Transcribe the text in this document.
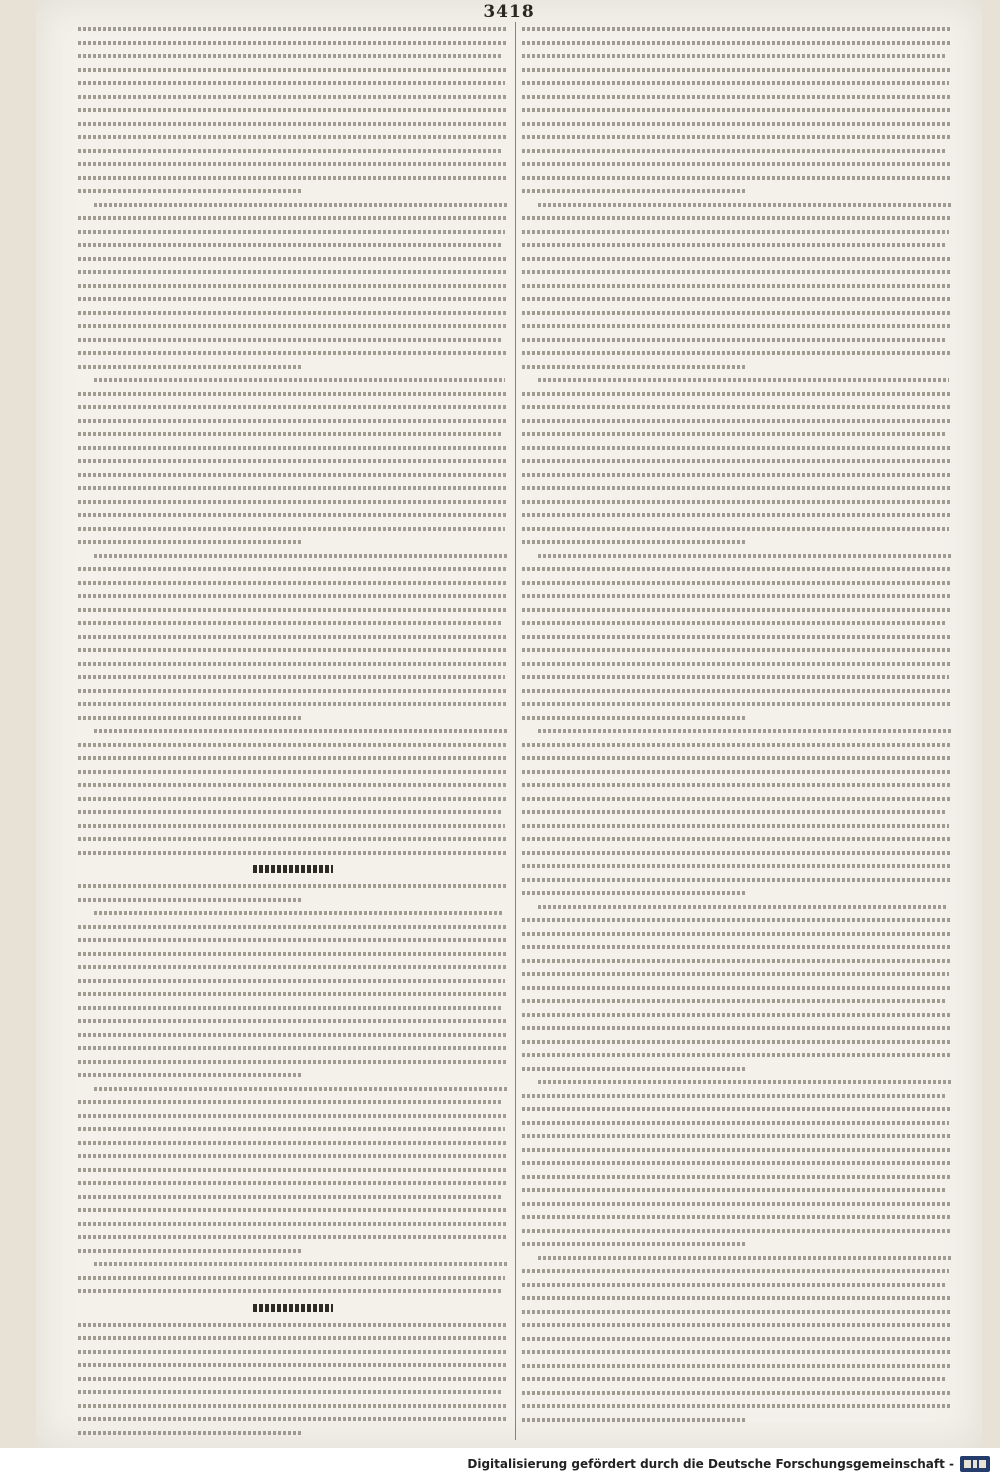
3418
Digitalisierung gefördert durch die Deutsche Forschungsgemeinschaft -
